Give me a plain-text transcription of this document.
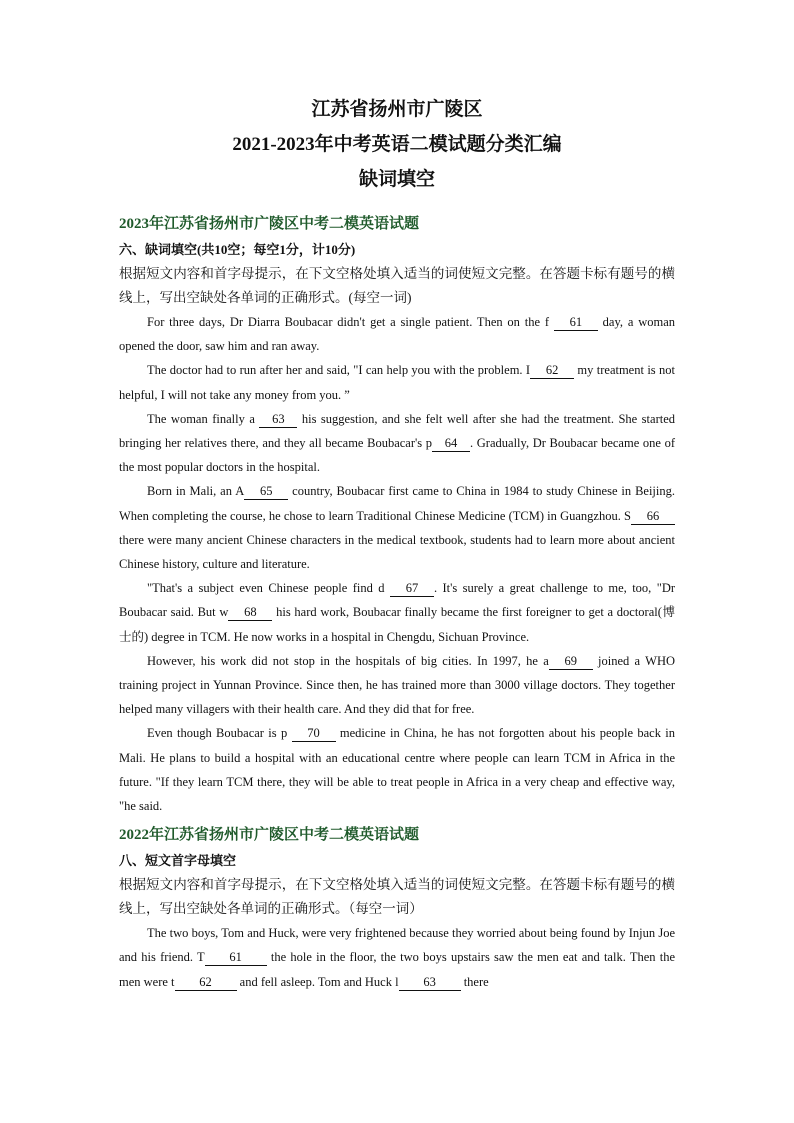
江苏省扬州市广陵区

2021-2023年中考英语二模试题分类汇编

缺词填空

2023年江苏省扬州市广陵区中考二模英语试题

六、缺词填空(共10空；每空1分，计10分)

根据短文内容和首字母提示，在下文空格处填入适当的词使短文完整。在答题卡标有题号的横线上，写出空缺处各单词的正确形式。(每空一词)

For three days, Dr Diarra Boubacar didn't get a single patient. Then on the f 61 day, a woman opened the door, saw him and ran away.

The doctor had to run after her and said, "I can help you with the problem. I 62 my treatment is not helpful, I will not take any money from you. ”

The woman finally a 63 his suggestion, and she felt well after she had the treatment. She started bringing her relatives there, and they all became Boubacar's p 64 . Gradually, Dr Boubacar became one of the most popular doctors in the hospital.

Born in Mali, an A 65 country, Boubacar first came to China in 1984 to study Chinese in Beijing. When completing the course, he chose to learn Traditional Chinese Medicine (TCM) in Guangzhou. S 66 there were many ancient Chinese characters in the medical textbook, students had to learn more about ancient Chinese history, culture and literature.

"That's a subject even Chinese people find d 67 . It's surely a great challenge to me, too, "Dr Boubacar said. But w 68 his hard work, Boubacar finally became the first foreigner to get a doctoral(博士的) degree in TCM. He now works in a hospital in Chengdu, Sichuan Province.

However, his work did not stop in the hospitals of big cities. In 1997, he a 69 joined a WHO training project in Yunnan Province. Since then, he has trained more than 3000 village doctors. They together helped many villagers with their health care. And they did that for free.

Even though Boubacar is p 70 medicine in China, he has not forgotten about his people back in Mali. He plans to build a hospital with an educational centre where people can learn TCM in Africa in the future. "If they learn TCM there, they will be able to treat people in Africa in a very cheap and effective way, "he said.

2022年江苏省扬州市广陵区中考二模英语试题

八、短文首字母填空

根据短文内容和首字母提示，在下文空格处填入适当的词使短文完整。在答题卡标有题号的横线上，写出空缺处各单词的正确形式。（每空一词）

The two boys, Tom and Huck, were very frightened because they worried about being found by Injun Joe and his friend. T 61 the hole in the floor, the two boys upstairs saw the men eat and talk. Then the men were t 62 and fell asleep. Tom and Huck l 63 there
